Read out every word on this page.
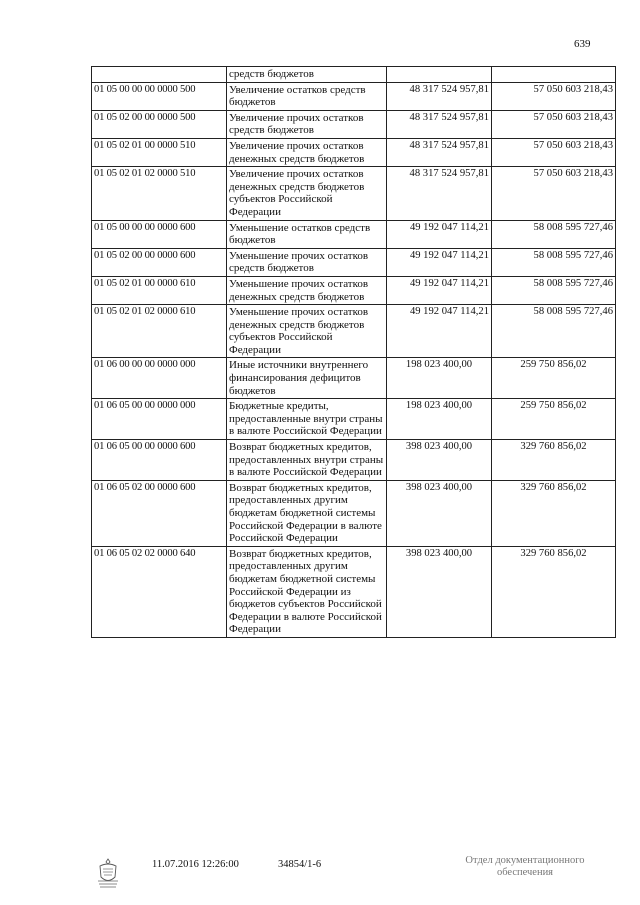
639
	средств бюджетов		
01 05 00 00 00 0000 500	Увеличение остатков средств бюджетов	48 317 524 957,81	57 050 603 218,43
01 05 02 00 00 0000 500	Увеличение прочих остатков средств бюджетов	48 317 524 957,81	57 050 603 218,43
01 05 02 01 00 0000 510	Увеличение прочих остатков денежных средств бюджетов	48 317 524 957,81	57 050 603 218,43
01 05 02 01 02 0000 510	Увеличение прочих остатков денежных средств бюджетов субъектов Российской Федерации	48 317 524 957,81	57 050 603 218,43
01 05 00 00 00 0000 600	Уменьшение остатков средств бюджетов	49 192 047 114,21	58 008 595 727,46
01 05 02 00 00 0000 600	Уменьшение прочих остатков средств бюджетов	49 192 047 114,21	58 008 595 727,46
01 05 02 01 00 0000 610	Уменьшение прочих остатков денежных средств бюджетов	49 192 047 114,21	58 008 595 727,46
01 05 02 01 02 0000 610	Уменьшение прочих остатков денежных средств бюджетов субъектов Российской Федерации	49 192 047 114,21	58 008 595 727,46
01 06 00 00 00 0000 000	Иные источники внутреннего финансирования дефицитов бюджетов	198 023 400,00	259 750 856,02
01 06 05 00 00 0000 000	Бюджетные кредиты, предоставленные внутри страны в валюте Российской Федерации	198 023 400,00	259 750 856,02
01 06 05 00 00 0000 600	Возврат бюджетных кредитов, предоставленных внутри страны в валюте Российской Федерации	398 023 400,00	329 760 856,02
01 06 05 02 00 0000 600	Возврат бюджетных кредитов, предоставленных другим бюджетам бюджетной системы Российской Федерации в валюте Российской Федерации	398 023 400,00	329 760 856,02
01 06 05 02 02 0000 640	Возврат бюджетных кредитов, предоставленных другим бюджетам бюджетной системы Российской Федерации из бюджетов субъектов Российской Федерации в валюте Российской Федерации	398 023 400,00	329 760 856,02
11.07.2016 12:26:00	34854/1-6	Отдел документационного
обеспечения
